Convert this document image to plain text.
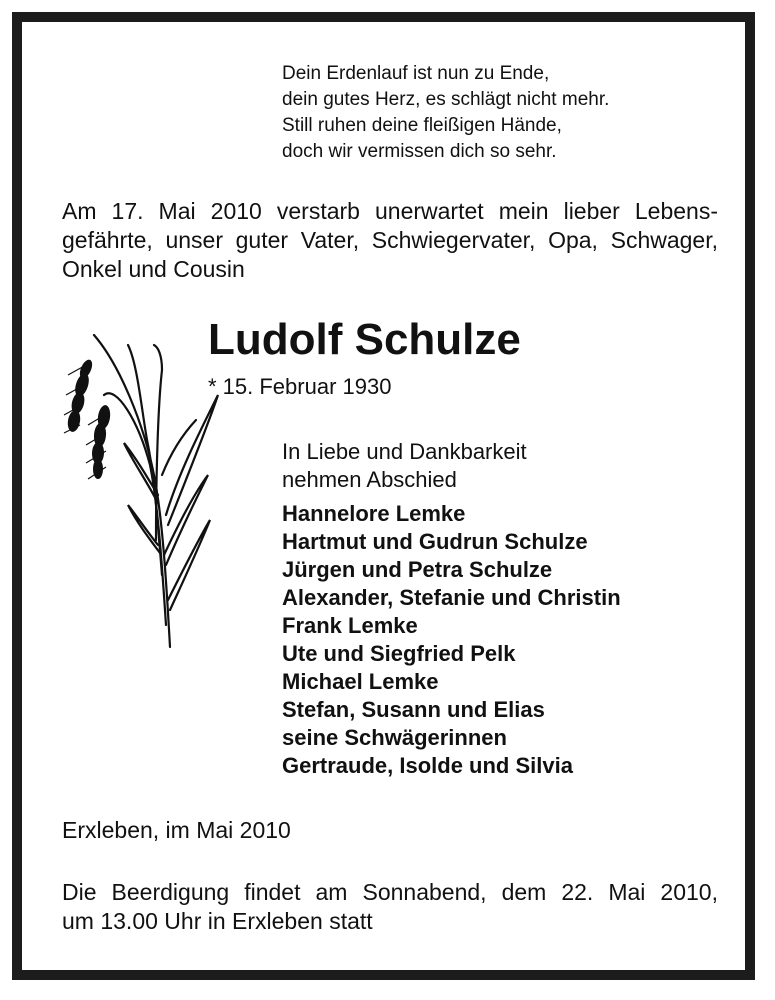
Dein Erdenlauf ist nun zu Ende,
dein gutes Herz, es schlägt nicht mehr.
Still ruhen deine fleißigen Hände,
doch wir vermissen dich so sehr.
Am 17. Mai 2010 verstarb unerwartet mein lieber Lebens-
gefährte, unser guter Vater, Schwiegervater, Opa, Schwager,
Onkel und Cousin
Ludolf Schulze
* 15. Februar 1930
In Liebe und Dankbarkeit
nehmen Abschied
Hannelore Lemke
Hartmut und Gudrun Schulze
Jürgen und Petra Schulze
Alexander, Stefanie und Christin
Frank Lemke
Ute und Siegfried Pelk
Michael Lemke
Stefan, Susann und Elias
seine Schwägerinnen
Gertraude, Isolde und Silvia
Erxleben, im Mai 2010
Die Beerdigung findet am Sonnabend, dem 22. Mai 2010,
um 13.00 Uhr in Erxleben statt
